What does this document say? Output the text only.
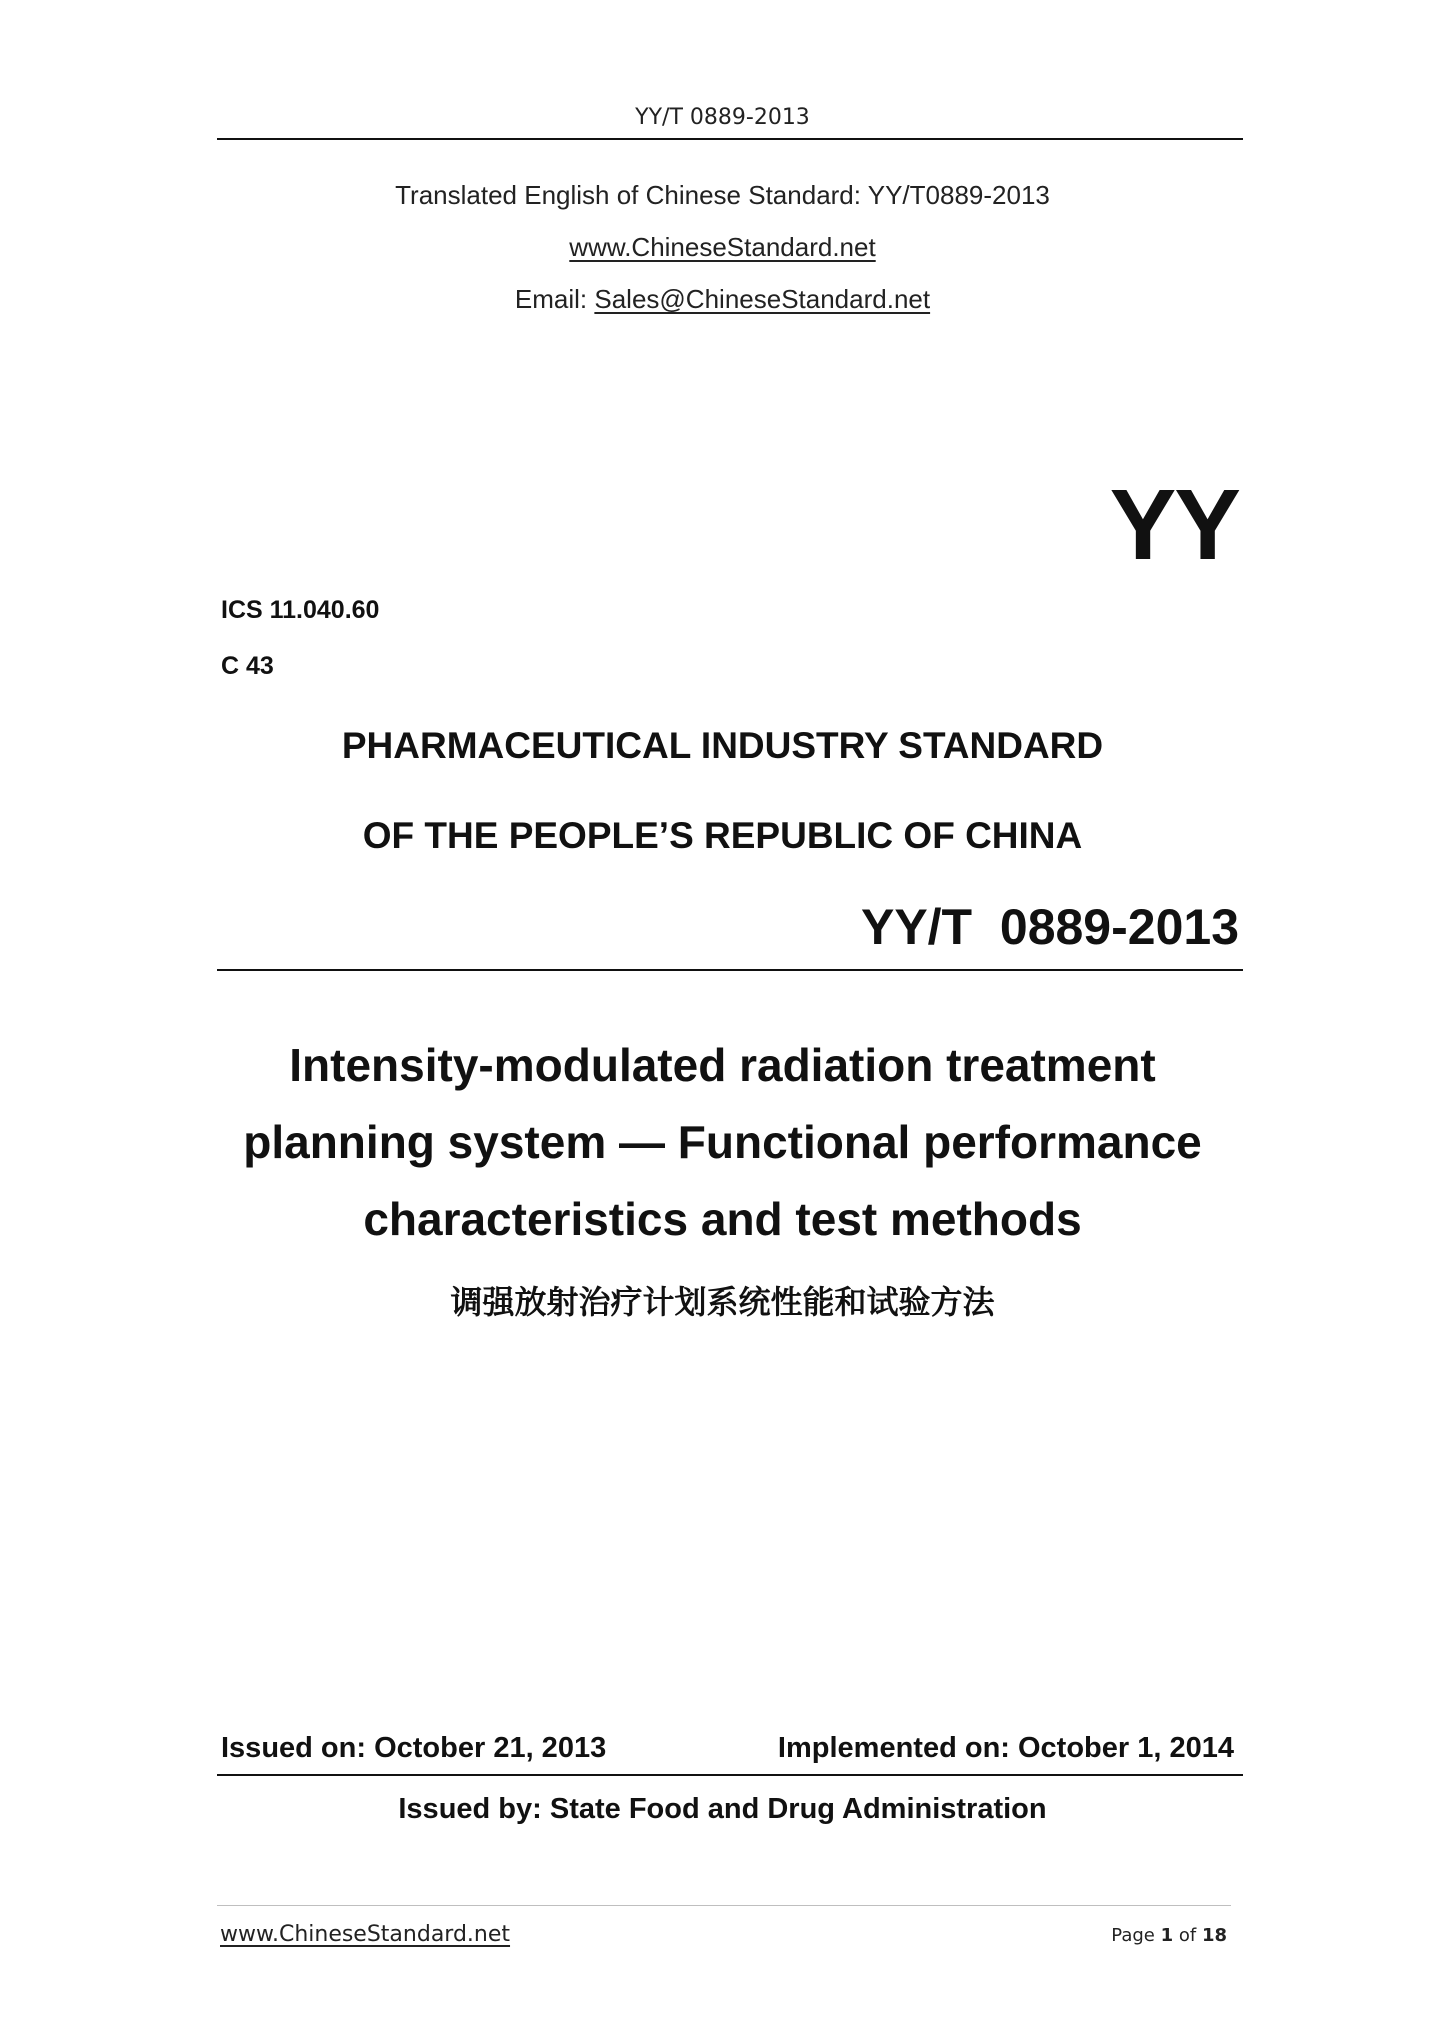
YY/T 0889-2013
Translated English of Chinese Standard: YY/T0889-2013
www.ChineseStandard.net
Email: Sales@ChineseStandard.net
YY
ICS 11.040.60
C 43
PHARMACEUTICAL INDUSTRY STANDARD
OF THE PEOPLE’S REPUBLIC OF CHINA
YY/T  0889-2013
Intensity-modulated radiation treatment
planning system — Functional performance
characteristics and test methods
调强放射治疗计划系统性能和试验方法
Issued on: October 21, 2013	Implemented on: October 1, 2014
Issued by: State Food and Drug Administration
www.ChineseStandard.net	Page 1 of 18
